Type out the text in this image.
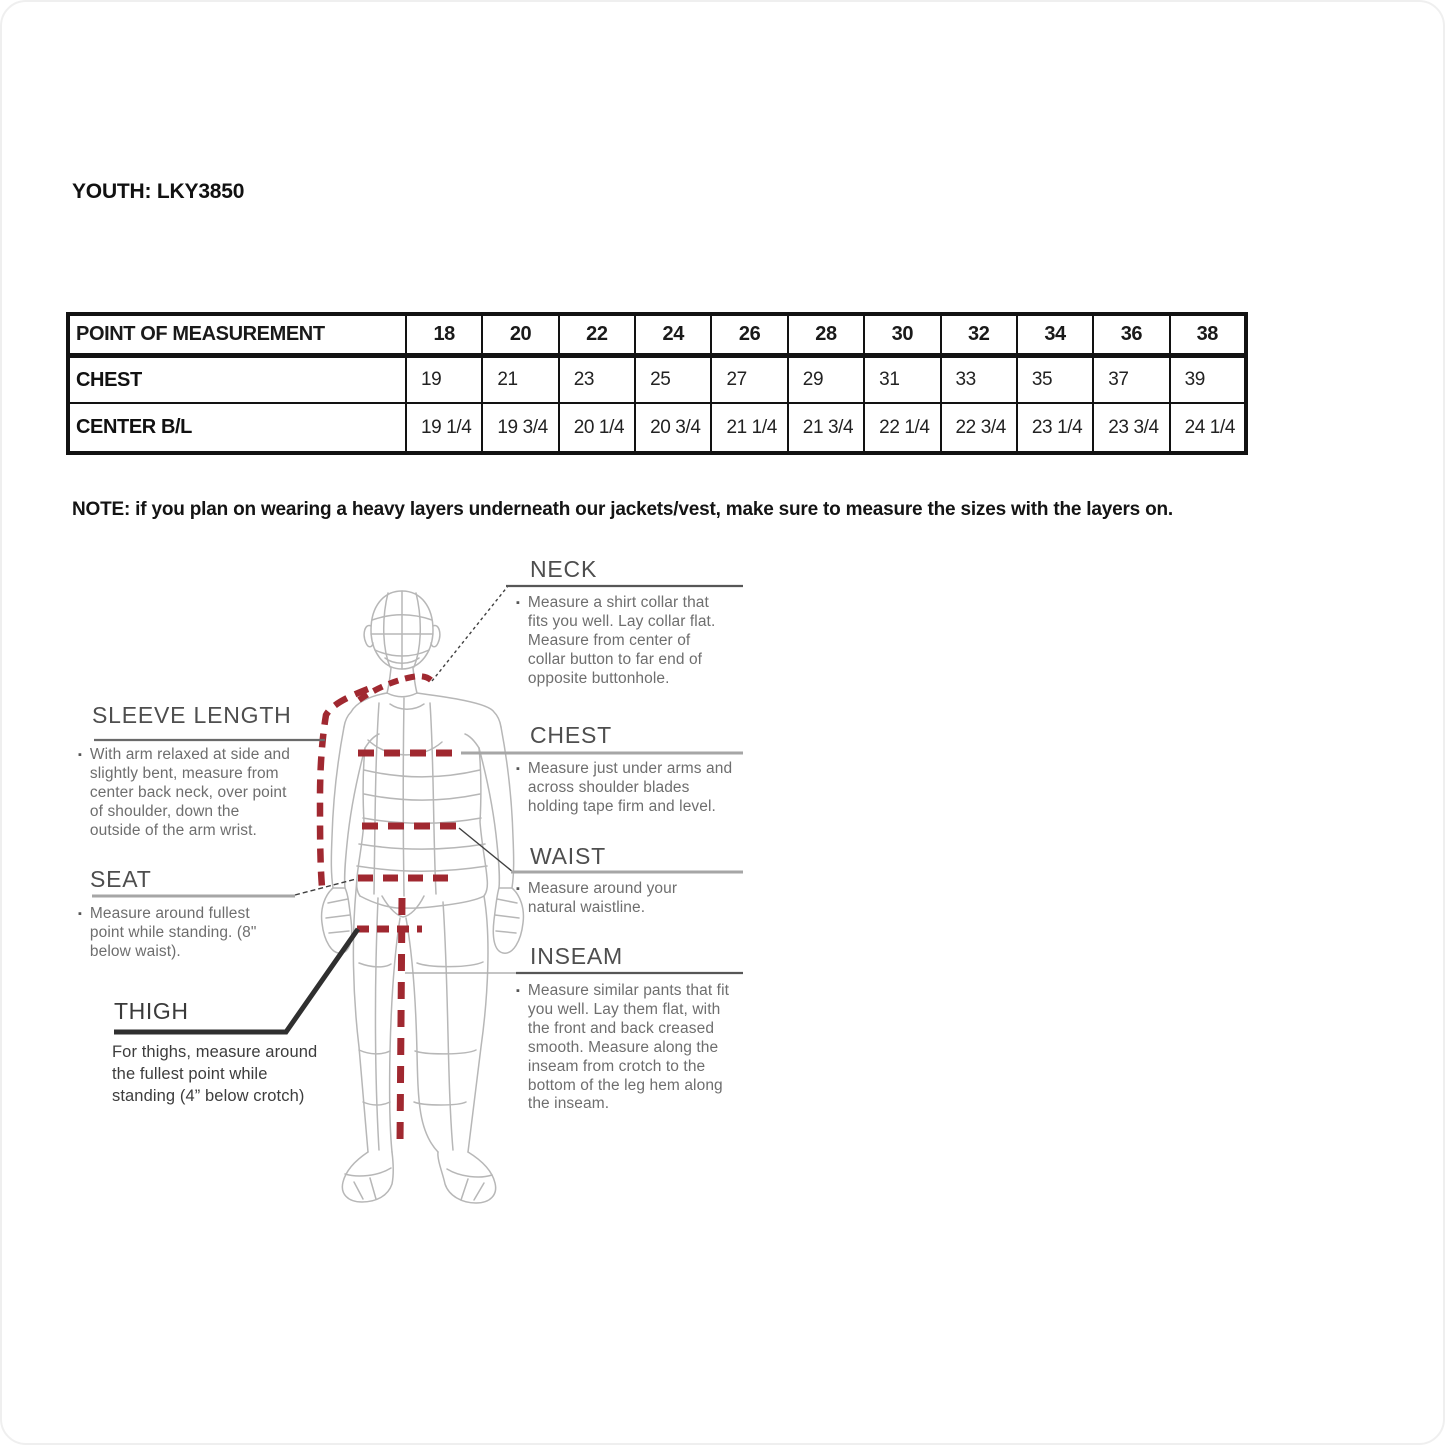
YOUTH: LKY3850
POINT OF MEASUREMENT	18	20	22	24	26	28	30	32	34	36	38
CHEST	19	21	23	25	27	29	31	33	35	37	39
CENTER B/L	19 1/4	19 3/4	20 1/4	20 3/4	21 1/4	21 3/4	22 1/4	22 3/4	23 1/4	23 3/4	24 1/4
NOTE: if you plan on wearing a heavy layers underneath our jackets/vest, make sure to measure the sizes with the layers on.
NECK
▪ Measure a shirt collar that fits you well. Lay collar flat. Measure from center of collar button to far end of opposite buttonhole.
CHEST
▪ Measure just under arms and across shoulder blades holding tape firm and level.
WAIST
▪ Measure around your natural waistline.
INSEAM
▪ Measure similar pants that fit you well. Lay them flat, with the front and back creased smooth. Measure along the inseam from crotch to the bottom of the leg hem along the inseam.
SLEEVE LENGTH
▪ With arm relaxed at side and slightly bent, measure from center back neck, over point of shoulder, down the outside of the arm wrist.
SEAT
▪ Measure around fullest point while standing. (8" below waist).
THIGH
For thighs, measure around the fullest point while standing (4” below crotch)
